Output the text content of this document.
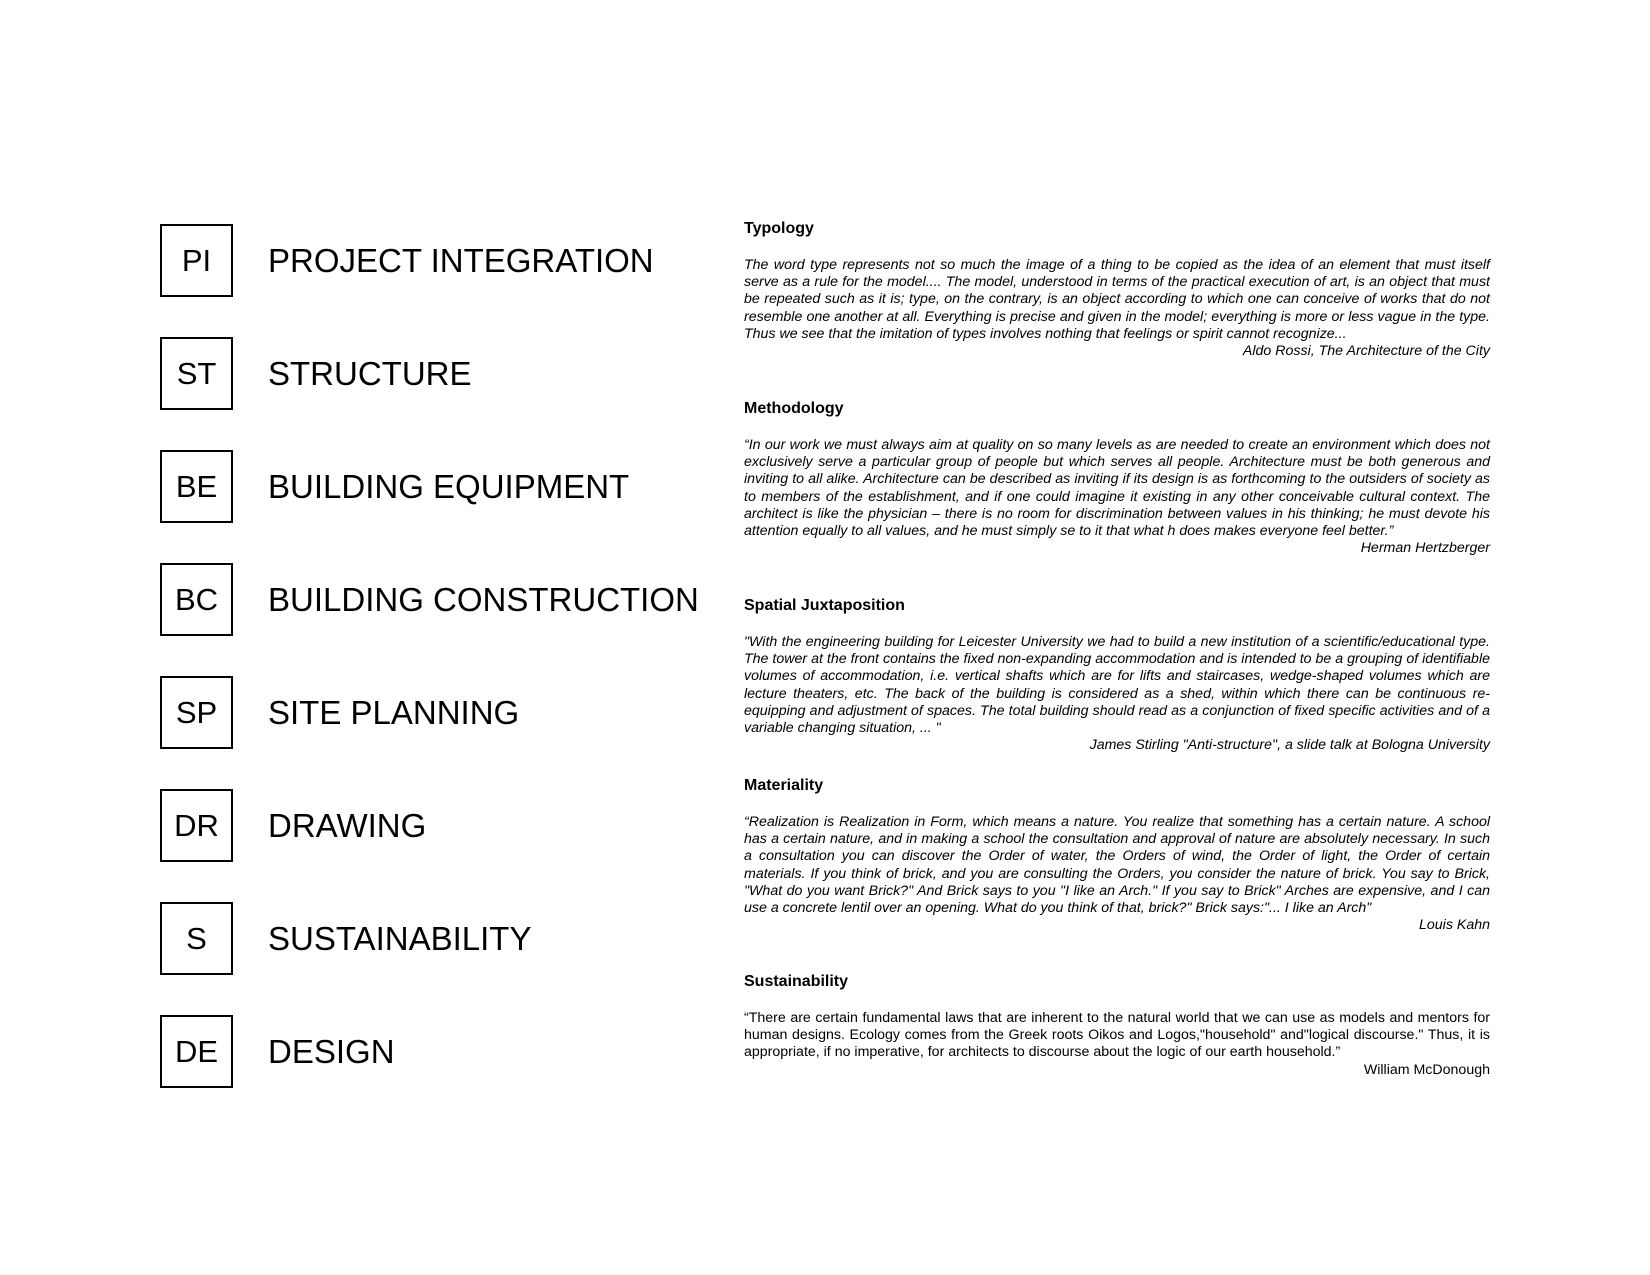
PI	PROJECT INTEGRATION
ST	STRUCTURE
BE	BUILDING EQUIPMENT
BC	BUILDING CONSTRUCTION
SP	SITE PLANNING
DR	DRAWING
S	SUSTAINABILITY
DE	DESIGN
Typology

The word type represents not so much the image of a thing to be copied as the idea of an element that must itself serve as a rule for the model.... The model, understood in terms of the practical execution of art, is an object that must be repeated such as it is; type, on the contrary, is an object according to which one can conceive of works that do not resemble one another at all. Everything is precise and given in the model; everything is more or less vague in the type. Thus we see that the imitation of types involves nothing that feelings or spirit cannot recognize...

Aldo Rossi, The Architecture of the City

Methodology

“In our work we must always aim at quality on so many levels as are needed to create an environment which does not exclusively serve a particular group of people but which serves all people. Architecture must be both generous and inviting to all alike. Architecture can be described as inviting if its design is as forthcoming to the outsiders of society as to members of the establishment, and if one could imagine it existing in any other conceivable cultural context. The architect is like the physician – there is no room for discrimination between values in his thinking; he must devote his attention equally to all values, and he must simply se to it that what h does makes everyone feel better.”

Herman Hertzberger

Spatial Juxtaposition

"With the engineering building for Leicester University we had to build a new institution of a scientific/educational type. The tower at the front contains the fixed non-expanding accommodation and is intended to be a grouping of identifiable volumes of accommodation, i.e. vertical shafts which are for lifts and staircases, wedge-shaped volumes which are lecture theaters, etc. The back of the building is considered as a shed, within which there can be continuous re-equipping and adjustment of spaces. The total building should read as a conjunction of fixed specific activities and of a variable changing situation, ... "

James Stirling "Anti-structure", a slide talk at Bologna University

Materiality

“Realization is Realization in Form, which means a nature. You realize that something has a certain nature. A school has a certain nature, and in making a school the consultation and approval of nature are absolutely necessary. In such a consultation you can discover the Order of water, the Orders of wind, the Order of light, the Order of certain materials. If you think of brick, and you are consulting the Orders, you consider the nature of brick. You say to Brick, "What do you want Brick?" And Brick says to you "I like an Arch." If you say to Brick" Arches are expensive, and I can use a concrete lentil over an opening. What do you think of that, brick?" Brick says:"... I like an Arch"

Louis Kahn

Sustainability

“There are certain fundamental laws that are inherent to the natural world that we can use as models and mentors for human designs. Ecology comes from the Greek roots Oikos and Logos,"household" and"logical discourse." Thus, it is appropriate, if no imperative, for architects to discourse about the logic of our earth household.”

William McDonough
